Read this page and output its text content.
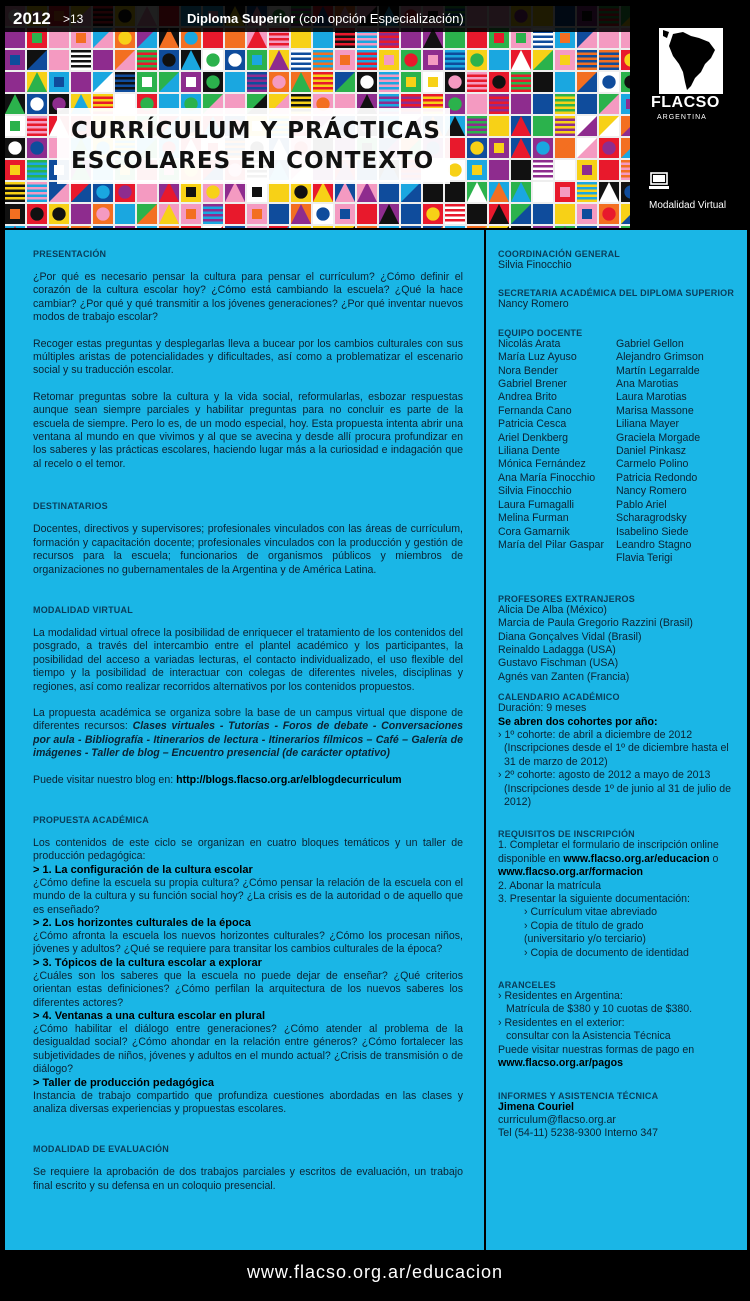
2012 >13	Diploma Superior (con opción Especialización)
CURRÍCULUM Y PRÁCTICAS
ESCOLARES EN CONTEXTO
FLACSO
ARGENTINA
Modalidad Virtual
PRESENTACIÓN
¿Por qué es necesario pensar la cultura para pensar el currículum? ¿Cómo definir el corazón de la cultura escolar hoy? ¿Cómo está cambiando la escuela? ¿Qué la hace cambiar? ¿Por qué y qué transmitir a los jóvenes generaciones? ¿Por qué inventar nuevos modos de trabajo escolar?
Recoger estas preguntas y desplegarlas lleva a bucear por los cambios culturales con sus múltiples aristas de potencialidades y dificultades, así como a problematizar el escenario social y su traducción escolar.
Retomar preguntas sobre la cultura y la vida social, reformularlas, esbozar respuestas aunque sean siempre parciales y habilitar preguntas para no concluir es parte de la escuela de siempre. Pero lo es, de un modo especial, hoy. Esta propuesta intenta abrir una ventana al mundo en que vivimos y al que se avecina y desde allí procura profundizar en los saberes y las prácticas escolares, haciendo lugar más a la curiosidad e indagación que al recelo o el temor.
DESTINATARIOS
Docentes, directivos y supervisores; profesionales vinculados con las áreas de currículum, formación y capacitación docente; profesionales vinculados con la producción y gestión de recursos para la escuela; funcionarios de organismos públicos y miembros de organizaciones no gubernamentales de la Argentina y de América Latina.
MODALIDAD VIRTUAL
La modalidad virtual ofrece la posibilidad de enriquecer el tratamiento de los contenidos del posgrado, a través del intercambio entre el plantel académico y los participantes, la posibilidad del acceso a variadas lecturas, el contacto individualizado, el uso flexible del tiempo y la posibilidad de interactuar con colegas de diferentes niveles, disciplinas y regiones, así como realizar recorridos alternativos por los contenidos propuestos.
La propuesta académica se organiza sobre la base de un campus virtual que dispone de diferentes recursos: Clases virtuales - Tutorías - Foros de debate - Conversaciones por aula - Bibliografía - Itinerarios de lectura - Itinerarios fílmicos – Café – Galería de imágenes - Taller de blog – Encuentro presencial (de carácter optativo)
Puede visitar nuestro blog en: http://blogs.flacso.org.ar/elblogdecurriculum
PROPUESTA ACADÉMICA
Los contenidos de este ciclo se organizan en cuatro bloques temáticos y un taller de producción pedagógica:
> 1. La configuración de la cultura escolar
¿Cómo define la escuela su propia cultura? ¿Cómo pensar la relación de la escuela con el mundo de la cultura y su función social hoy? ¿La crisis es de la autoridad o de aquello que es enseñado?
> 2. Los horizontes culturales de la época
¿Cómo afronta la escuela los nuevos horizontes culturales? ¿Cómo los procesan niños, jóvenes y adultos? ¿Qué se requiere para transitar los cambios culturales de la época?
> 3. Tópicos de la cultura escolar a explorar
¿Cuáles son los saberes que la escuela no puede dejar de enseñar? ¿Qué criterios orientan estas definiciones? ¿Cómo perfilan la arquitectura de los nuevos saberes los diferentes actores?
> 4. Ventanas a una cultura escolar en plural
¿Cómo habilitar el diálogo entre generaciones? ¿Cómo atender al problema de la desigualdad social? ¿Cómo ahondar en la relación entre géneros? ¿Cómo fortalecer las subjetividades de niños, jóvenes y adultos en el mundo actual? ¿Crisis de transmisión o de diálogo?
> Taller de producción pedagógica
Instancia de trabajo compartido que profundiza cuestiones abordadas en las clases y analiza diversas experiencias y propuestas escolares.
MODALIDAD DE EVALUACIÓN
Se requiere la aprobación de dos trabajos parciales y escritos de evaluación, un trabajo final escrito y su defensa en un coloquio presencial.
COORDINACIÓN GENERAL
Silvia Finocchio
SECRETARIA ACADÉMICA DEL DIPLOMA SUPERIOR
Nancy Romero
EQUIPO DOCENTE
Nicolás Arata
María Luz Ayuso
Nora Bender
Gabriel Brener
Andrea Brito
Fernanda Cano
Patricia Cesca
Ariel Denkberg
Liliana Dente
Mónica Fernández
Ana María Finocchio
Silvia Finocchio
Laura Fumagalli
Melina Furman
Cora Gamarnik
María del Pilar Gaspar
Gabriel Gellon
Alejandro Grimson
Martín Legarralde
Ana Marotias
Laura Marotias
Marisa Massone
Liliana Mayer
Graciela Morgade
Daniel Pinkasz
Carmelo Polino
Patricia Redondo
Nancy Romero
Pablo Ariel Scharagrodsky
Isabelino Siede
Leandro Stagno
Flavia Terigi
PROFESORES EXTRANJEROS
Alicia De Alba (México)
Marcia de Paula Gregorio Razzini (Brasil)
Diana Gonçalves Vidal (Brasil)
Reinaldo Ladagga (USA)
Gustavo Fischman (USA)
Agnés van Zanten (Francia)
CALENDARIO ACADÉMICO
Duración: 9 meses
Se abren dos cohortes por año:
› 1º cohorte: de abril a diciembre de 2012
(Inscripciones desde el 1º de diciembre hasta el 31 de marzo de 2012)
› 2º cohorte: agosto de 2012 a mayo de 2013
(Inscripciones desde 1º de junio al 31 de julio de 2012)
REQUISITOS DE INSCRIPCIÓN
1. Completar el formulario de inscripción online disponible en www.flacso.org.ar/educacion o www.flacso.org.ar/formacion
2. Abonar la matrícula
3. Presentar la siguiente documentación:
› Currículum vitae abreviado
› Copia de título de grado
(universitario y/o terciario)
› Copia de documento de identidad
ARANCELES
› Residentes en Argentina:
Matrícula de $380 y 10 cuotas de $380.
› Residentes en el exterior:
consultar con la Asistencia Técnica
Puede visitar nuestras formas de pago en
www.flacso.org.ar/pagos
INFORMES Y ASISTENCIA TÉCNICA
Jimena Couriel
curriculum@flacso.org.ar
Tel (54-11) 5238-9300 Interno 347
www.flacso.org.ar/educacion
